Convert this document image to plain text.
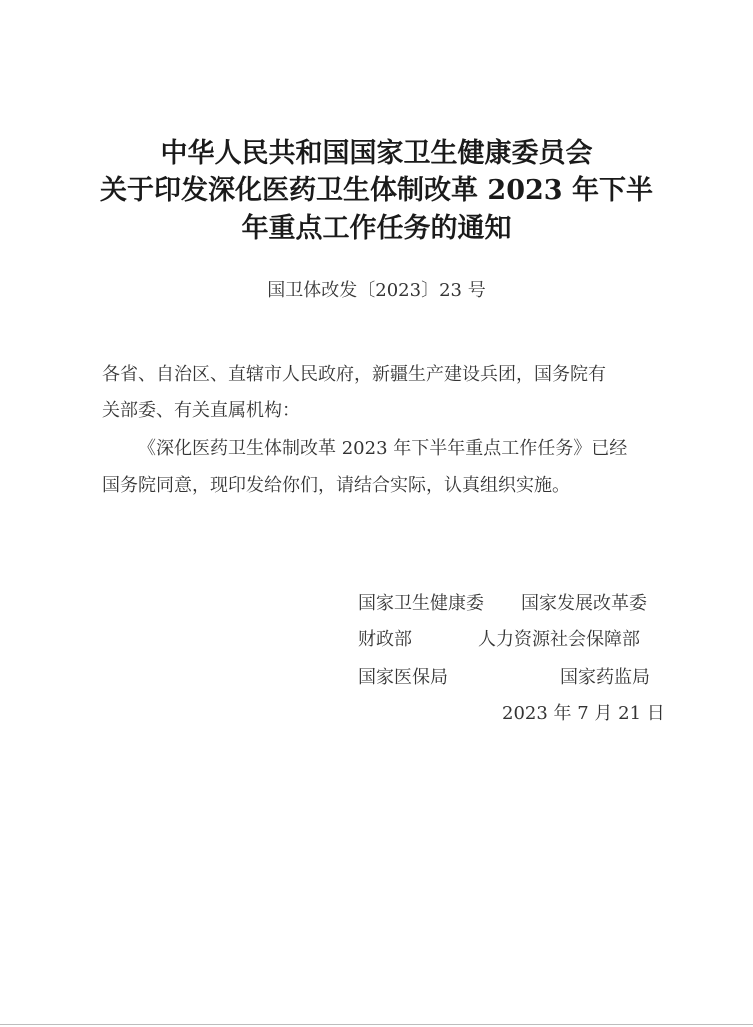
中华人民共和国国家卫生健康委员会
关于印发深化医药卫生体制改革 2023 年下半
年重点工作任务的通知
国卫体改发〔2023〕23 号
各省、自治区、直辖市人民政府，新疆生产建设兵团，国务院有
关部委、有关直属机构：
《深化医药卫生体制改革 2023 年下半年重点工作任务》已经
国务院同意，现印发给你们，请结合实际，认真组织实施。
国家卫生健康委 国家发展改革委
财政部	人力资源社会保障部
国家医保局	国家药监局
2023 年 7 月 21 日
